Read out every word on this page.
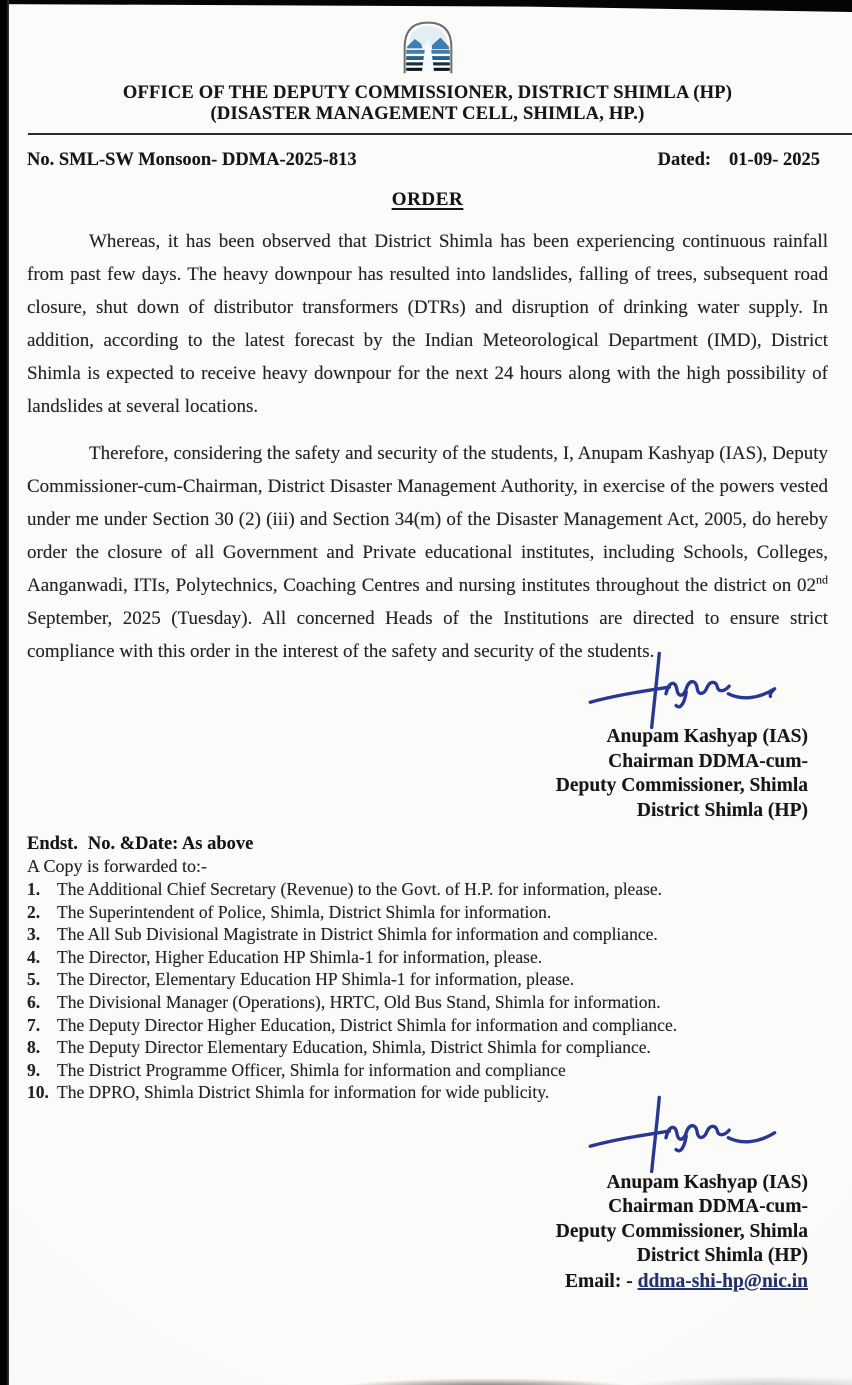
OFFICE OF THE DEPUTY COMMISSIONER, DISTRICT SHIMLA (HP)
(DISASTER MANAGEMENT CELL, SHIMLA, HP.)
No. SML-SW Monsoon- DDMA-2025-813	Dated: 01-09- 2025
ORDER

Whereas, it has been observed that District Shimla has been experiencing continuous rainfall from past few days. The heavy downpour has resulted into landslides, falling of trees, subsequent road closure, shut down of distributor transformers (DTRs) and disruption of drinking water supply. In addition, according to the latest forecast by the Indian Meteorological Department (IMD), District Shimla is expected to receive heavy downpour for the next 24 hours along with the high possibility of landslides at several locations.

Therefore, considering the safety and security of the students, I, Anupam Kashyap (IAS), Deputy Commissioner-cum-Chairman, District Disaster Management Authority, in exercise of the powers vested under me under Section 30 (2) (iii) and Section 34(m) of the Disaster Management Act, 2005, do hereby order the closure of all Government and Private educational institutes, including Schools, Colleges, Aanganwadi, ITIs, Polytechnics, Coaching Centres and nursing institutes throughout the district on 02nd September, 2025 (Tuesday). All concerned Heads of the Institutions are directed to ensure strict compliance with this order in the interest of the safety and security of the students.

Anupam Kashyap (IAS)
Chairman DDMA-cum-
Deputy Commissioner, Shimla
District Shimla (HP)
Endst. No. &Date: As above
A Copy is forwarded to:-
1. The Additional Chief Secretary (Revenue) to the Govt. of H.P. for information, please.
2. The Superintendent of Police, Shimla, District Shimla for information.
3. The All Sub Divisional Magistrate in District Shimla for information and compliance.
4. The Director, Higher Education HP Shimla-1 for information, please.
5. The Director, Elementary Education HP Shimla-1 for information, please.
6. The Divisional Manager (Operations), HRTC, Old Bus Stand, Shimla for information.
7. The Deputy Director Higher Education, District Shimla for information and compliance.
8. The Deputy Director Elementary Education, Shimla, District Shimla for compliance.
9. The District Programme Officer, Shimla for information and compliance
10. The DPRO, Shimla District Shimla for information for wide publicity.
Anupam Kashyap (IAS)
Chairman DDMA-cum-
Deputy Commissioner, Shimla
District Shimla (HP)
Email: - ddma-shi-hp@nic.in
